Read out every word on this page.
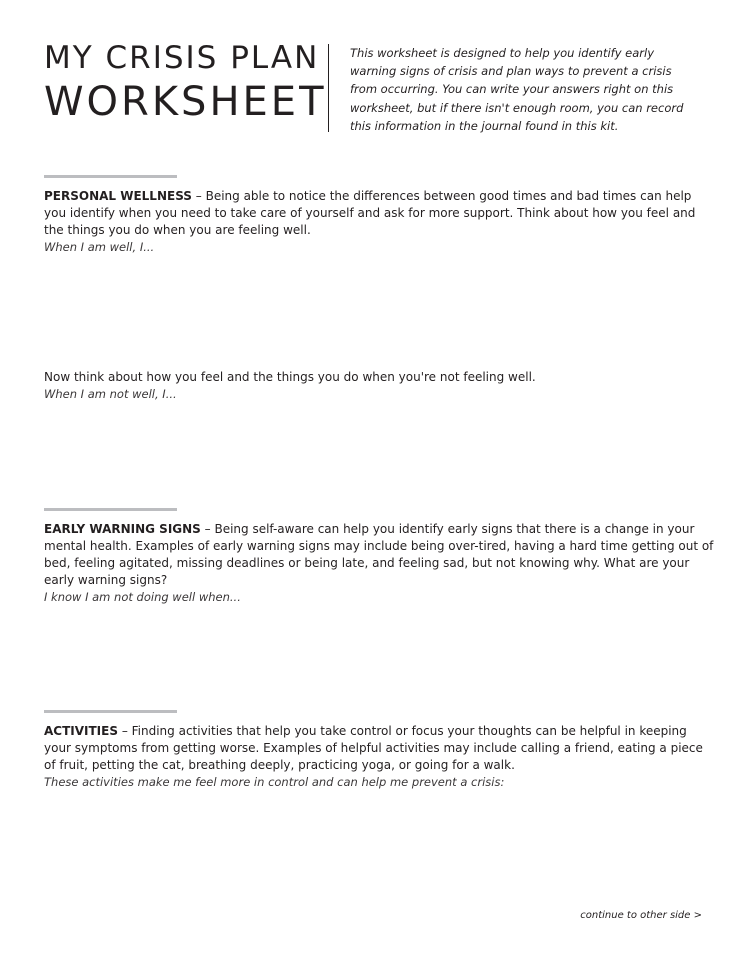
MY CRISIS PLAN
WORKSHEET
This worksheet is designed to help you identify early warning signs of crisis and plan ways to prevent a crisis from occurring. You can write your answers right on this worksheet, but if there isn't enough room, you can record this information in the journal found in this kit.

PERSONAL WELLNESS – Being able to notice the differences between good times and bad times can help you identify when you need to take care of yourself and ask for more support. Think about how you feel and the things you do when you are feeling well.

When I am well, I...

Now think about how you feel and the things you do when you're not feeling well.

When I am not well, I...

EARLY WARNING SIGNS – Being self-aware can help you identify early signs that there is a change in your mental health. Examples of early warning signs may include being over-tired, having a hard time getting out of bed, feeling agitated, missing deadlines or being late, and feeling sad, but not knowing why. What are your early warning signs?

I know I am not doing well when...

ACTIVITIES – Finding activities that help you take control or focus your thoughts can be helpful in keeping your symptoms from getting worse. Examples of helpful activities may include calling a friend, eating a piece of fruit, petting the cat, breathing deeply, practicing yoga, or going for a walk.

These activities make me feel more in control and can help me prevent a crisis:

continue to other side >
